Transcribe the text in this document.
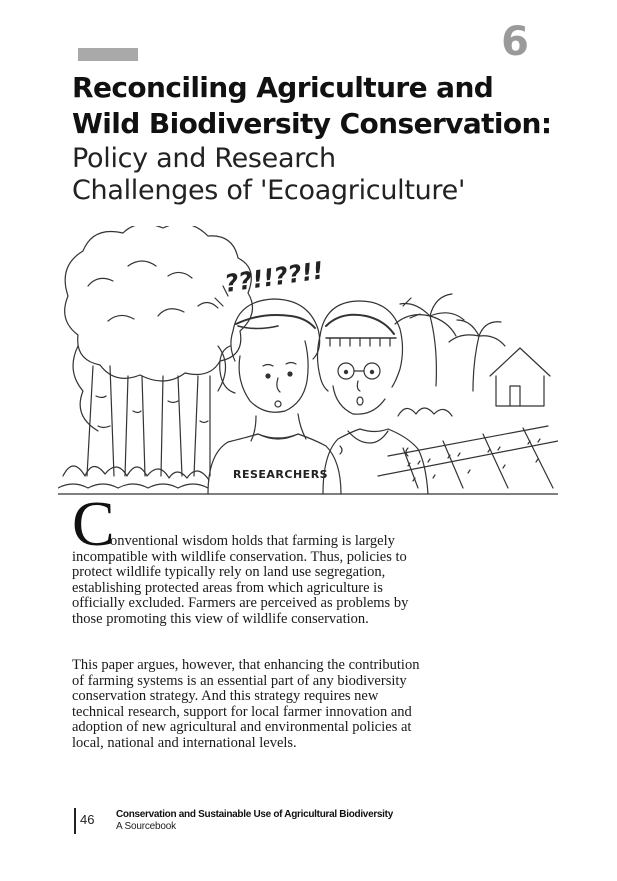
6
Reconciling Agriculture and
Wild Biodiversity Conservation:
Policy and Research
Challenges of 'Ecoagriculture'
??!!??!!
RESEARCHERS
C
onventional wisdom holds that farming is largely
incompatible with wildlife conservation. Thus, policies to
protect wildlife typically rely on land use segregation,
establishing protected areas from which agriculture is
officially excluded. Farmers are perceived as problems by
those promoting this view of wildlife conservation.
This paper argues, however, that enhancing the contribution
of farming systems is an essential part of any biodiversity
conservation strategy. And this strategy requires new
technical research, support for local farmer innovation and
adoption of new agricultural and environmental policies at
local, national and international levels.
46 Conservation and Sustainable Use of Agricultural Biodiversity
A Sourcebook
